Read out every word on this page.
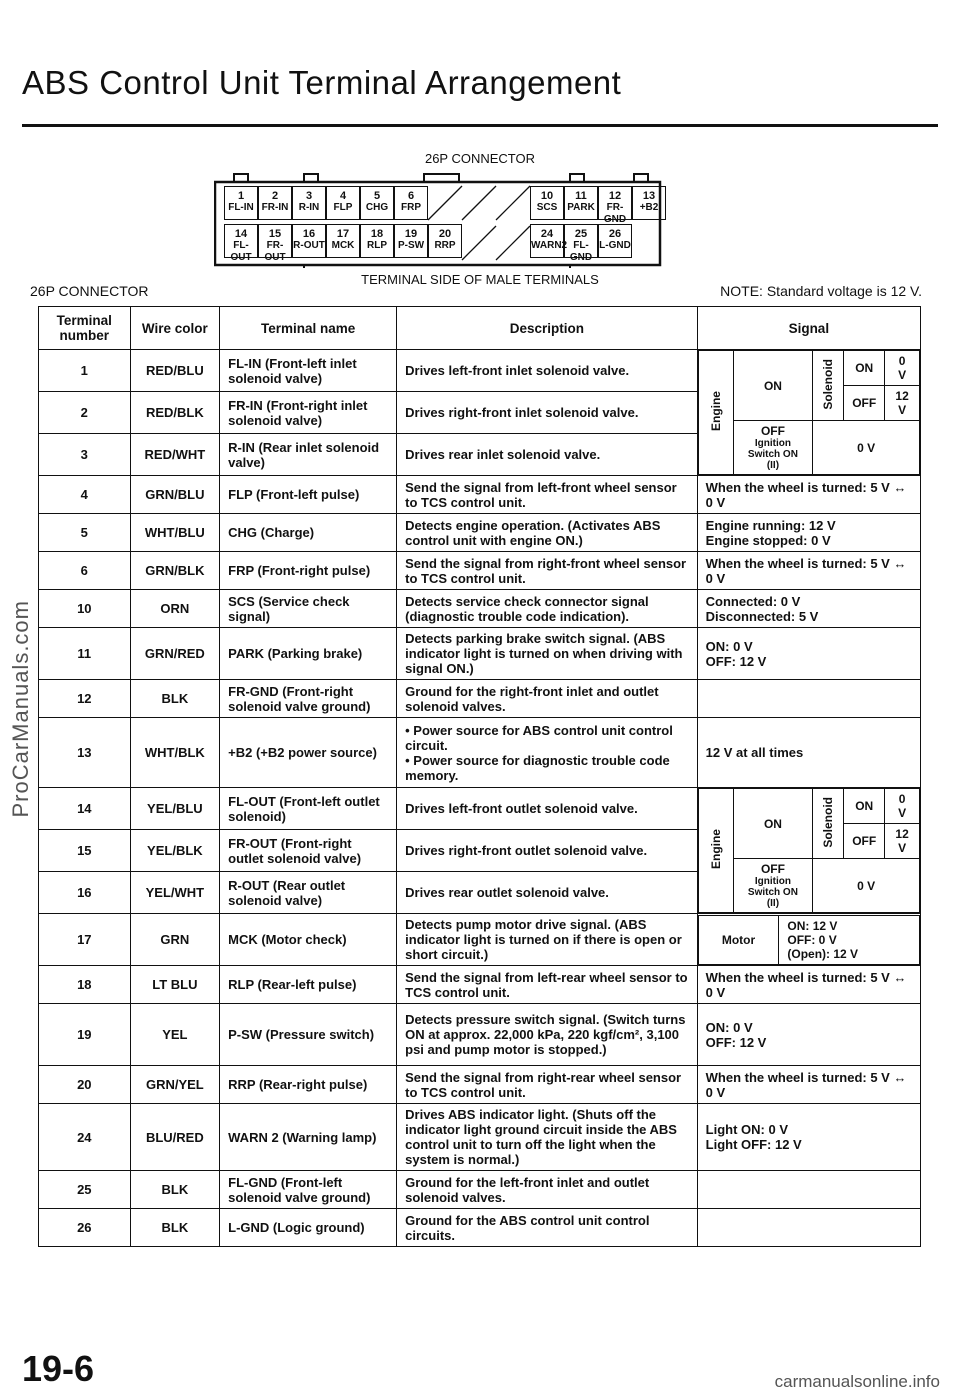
ABS Control Unit Terminal Arrangement
26P CONNECTOR
1
FL-IN
2
FR-IN
3
R-IN
4
FLP
5
CHG
6
FRP
10
SCS
11
PARK
12
FR-GND
13
+B2
14
FL-OUT
15
FR-OUT
16
R-OUT
17
MCK
18
RLP
19
P-SW
20
RRP
24
WARN2
25
FL-GND
26
L-GND
TERMINAL SIDE OF MALE TERMINALS
26P CONNECTOR	NOTE: Standard voltage is 12 V.
Terminal number	Wire color	Terminal name	Description	Signal
1	RED/BLU	FL-IN (Front-left inlet solenoid valve)	Drives left-front inlet solenoid valve.	
Engine	ON	Solenoid	ON	0 V
OFF	12 V

OFF
Ignition Switch ON (II)
	0 V

2	RED/BLK	FR-IN (Front-right inlet solenoid valve)	Drives right-front inlet solenoid valve.
3	RED/WHT	R-IN (Rear inlet solenoid valve)	Drives rear inlet solenoid valve.
4	GRN/BLU	FLP (Front-left pulse)	Send the signal from left-front wheel sensor to TCS control unit.	When the wheel is turned: 5 V ↔ 0 V
5	WHT/BLU	CHG (Charge)	Detects engine operation. (Activates ABS control unit with engine ON.)	Engine running: 12 V
Engine stopped: 0 V
6	GRN/BLK	FRP (Front-right pulse)	Send the signal from right-front wheel sensor to TCS control unit.	When the wheel is turned: 5 V ↔ 0 V
10	ORN	SCS (Service check signal)	Detects service check connector signal (diagnostic trouble code indication).	Connected: 0 V
Disconnected: 5 V
11	GRN/RED	PARK (Parking brake)	Detects parking brake switch signal. (ABS indicator light is turned on when driving with signal ON.)	ON: 0 V
OFF: 12 V
12	BLK	FR-GND (Front-right solenoid valve ground)	Ground for the right-front inlet and outlet solenoid valves.	
13	WHT/BLK	+B2 (+B2 power source)	• Power source for ABS control unit control circuit.
• Power source for diagnostic trouble code memory.	12 V at all times
14	YEL/BLU	FL-OUT (Front-left outlet solenoid)	Drives left-front outlet solenoid valve.	
Engine	ON	Solenoid	ON	0 V
OFF	12 V

OFF
Ignition Switch ON (II)
	0 V

15	YEL/BLK	FR-OUT (Front-right outlet solenoid valve)	Drives right-front outlet solenoid valve.
16	YEL/WHT	R-OUT (Rear outlet solenoid valve)	Drives rear outlet solenoid valve.
17	GRN	MCK (Motor check)	Detects pump motor drive signal. (ABS indicator light is turned on if there is open or short circuit.)	
Motor	ON: 12 V
OFF: 0 V
(Open): 12 V

18	LT BLU	RLP (Rear-left pulse)	Send the signal from left-rear wheel sensor to TCS control unit.	When the wheel is turned: 5 V ↔ 0 V
19	YEL	P-SW (Pressure switch)	Detects pressure switch signal. (Switch turns ON at approx. 22,000 kPa, 220 kgf/cm², 3,100 psi and pump motor is stopped.)	ON: 0 V
OFF: 12 V
20	GRN/YEL	RRP (Rear-right pulse)	Send the signal from right-rear wheel sensor to TCS control unit.	When the wheel is turned: 5 V ↔ 0 V
24	BLU/RED	WARN 2 (Warning lamp)	Drives ABS indicator light. (Shuts off the indicator light ground circuit inside the ABS control unit to turn off the light when the system is normal.)	Light ON: 0 V
Light OFF: 12 V
25	BLK	FL-GND (Front-left solenoid valve ground)	Ground for the left-front inlet and outlet solenoid valves.	
26	BLK	L-GND (Logic ground)	Ground for the ABS control unit control circuits.	
19-6
ProCarManuals.com
carmanualsonline.info
